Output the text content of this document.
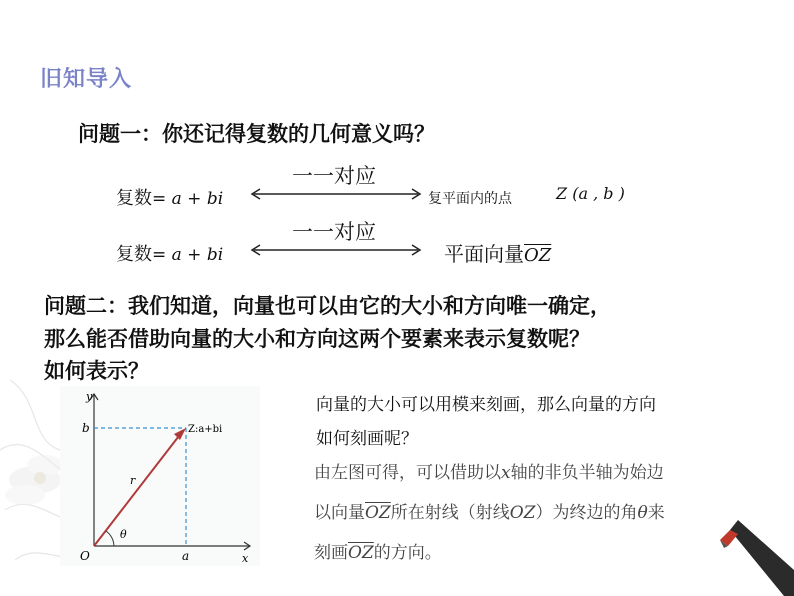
旧知导入
问题一：你还记得复数的几何意义吗？
复数= a + bi
一一对应
复平面内的点	Z (a , b )
复数= a + bi
一一对应
平面向量$\overline{OZ}$
问题二：我们知道，向量也可以由它的大小和方向唯一确定，
那么能否借助向量的大小和方向这两个要素来表示复数呢？
如何表示？
y
x
O
b
a
Z:a+bi
r
θ
向量的大小可以用模来刻画，那么向量的方向
如何刻画呢？
由左图可得，可以借助以x轴的非负半轴为始边
以向量$\overline{OZ}$所在射线（射线OZ）为终边的角θ来
刻画$\overline{OZ}$的方向。
